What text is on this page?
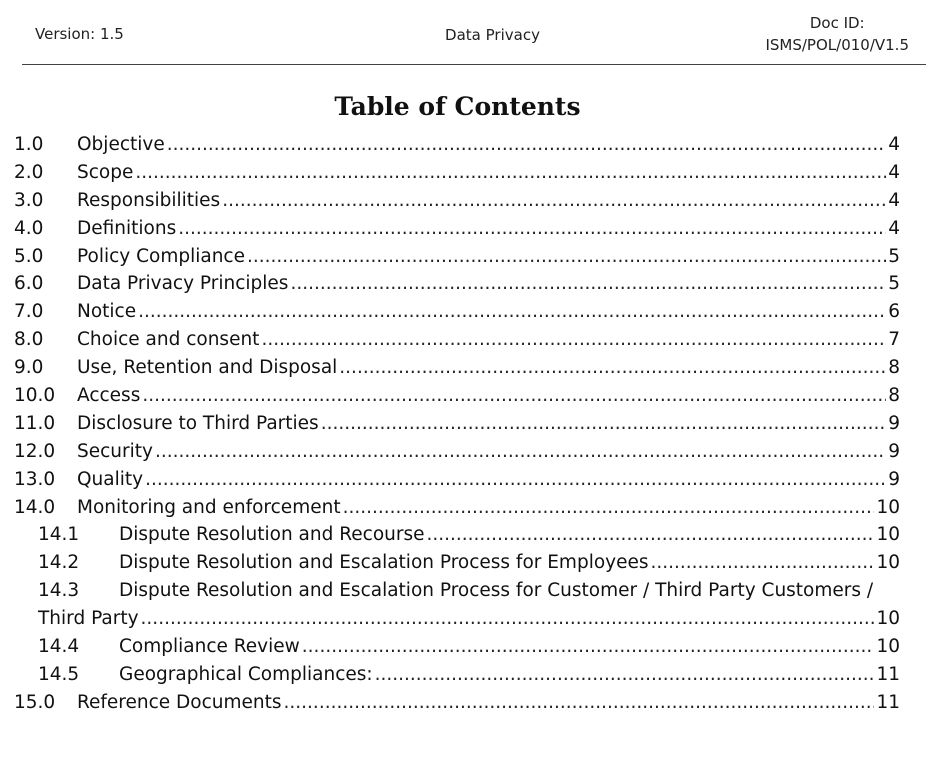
Version: 1.5	Data Privacy
Doc ID:
ISMS/POL/010/V1.5
Table of Contents
1.0	Objective .....	4
2.0	Scope .....	4
3.0	Responsibilities .....	4
4.0	Definitions .....	4
5.0	Policy Compliance .....	5
6.0	Data Privacy Principles .....	5
7.0	Notice .....	6
8.0	Choice and consent .....	7
9.0	Use, Retention and Disposal .....	8
10.0	Access .....	8
11.0	Disclosure to Third Parties .....	9
12.0	Security .....	9
13.0	Quality .....	9
14.0	Monitoring and enforcement .....	10
14.1	Dispute Resolution and Recourse .....	10
14.2	Dispute Resolution and Escalation Process for Employees .....	10
14.3	Dispute Resolution and Escalation Process for Customer / Third Party Customers /
Third Party .....	10
14.4	Compliance Review .....	10
14.5	Geographical Compliances: .....	11
15.0	Reference Documents .....	11
